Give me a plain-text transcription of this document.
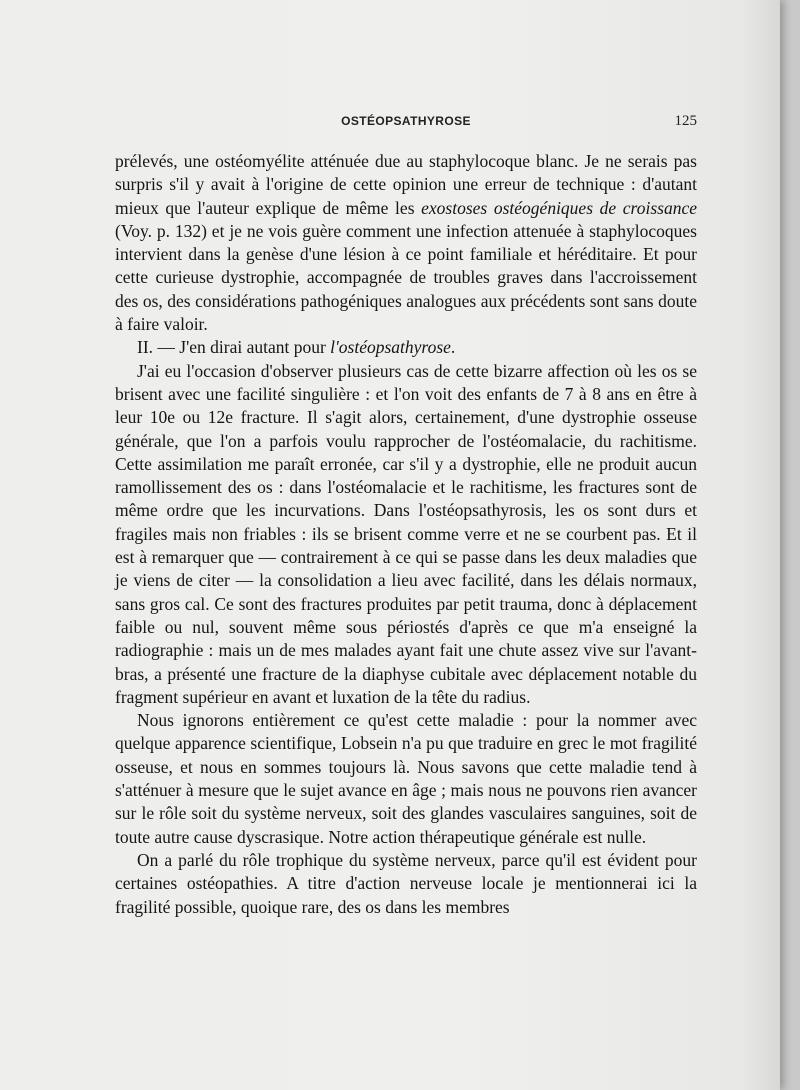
OSTÉOPSATHYROSE	125

prélevés, une ostéomyélite atténuée due au staphylocoque blanc. Je ne serais pas surpris s'il y avait à l'origine de cette opinion une erreur de technique : d'autant mieux que l'auteur explique de même les exostoses ostéogéniques de croissance (Voy. p. 132) et je ne vois guère comment une infection attenuée à staphylocoques intervient dans la genèse d'une lésion à ce point familiale et héréditaire. Et pour cette curieuse dystrophie, accompagnée de troubles graves dans l'accroissement des os, des considérations pathogéniques analogues aux précédents sont sans doute à faire valoir.

II. — J'en dirai autant pour l'ostéopsathyrose.

J'ai eu l'occasion d'observer plusieurs cas de cette bizarre affection où les os se brisent avec une facilité singulière : et l'on voit des enfants de 7 à 8 ans en être à leur 10e ou 12e fracture. Il s'agit alors, certainement, d'une dystrophie osseuse générale, que l'on a parfois voulu rapprocher de l'ostéomalacie, du rachitisme. Cette assimilation me paraît erronée, car s'il y a dystrophie, elle ne produit aucun ramollissement des os : dans l'ostéomalacie et le rachitisme, les fractures sont de même ordre que les incurvations. Dans l'ostéopsathyrosis, les os sont durs et fragiles mais non friables : ils se brisent comme verre et ne se courbent pas. Et il est à remarquer que — contrairement à ce qui se passe dans les deux maladies que je viens de citer — la consolidation a lieu avec facilité, dans les délais normaux, sans gros cal. Ce sont des fractures produites par petit trauma, donc à déplacement faible ou nul, souvent même sous périostés d'après ce que m'a enseigné la radiographie : mais un de mes malades ayant fait une chute assez vive sur l'avant-bras, a présenté une fracture de la diaphyse cubitale avec déplacement notable du fragment supérieur en avant et luxation de la tête du radius.

Nous ignorons entièrement ce qu'est cette maladie : pour la nommer avec quelque apparence scientifique, Lobsein n'a pu que traduire en grec le mot fragilité osseuse, et nous en sommes toujours là. Nous savons que cette maladie tend à s'atténuer à mesure que le sujet avance en âge ; mais nous ne pouvons rien avancer sur le rôle soit du système nerveux, soit des glandes vasculaires sanguines, soit de toute autre cause dyscrasique. Notre action thérapeutique générale est nulle.

On a parlé du rôle trophique du système nerveux, parce qu'il est évident pour certaines ostéopathies. A titre d'action nerveuse locale je mentionnerai ici la fragilité possible, quoique rare, des os dans les membres
